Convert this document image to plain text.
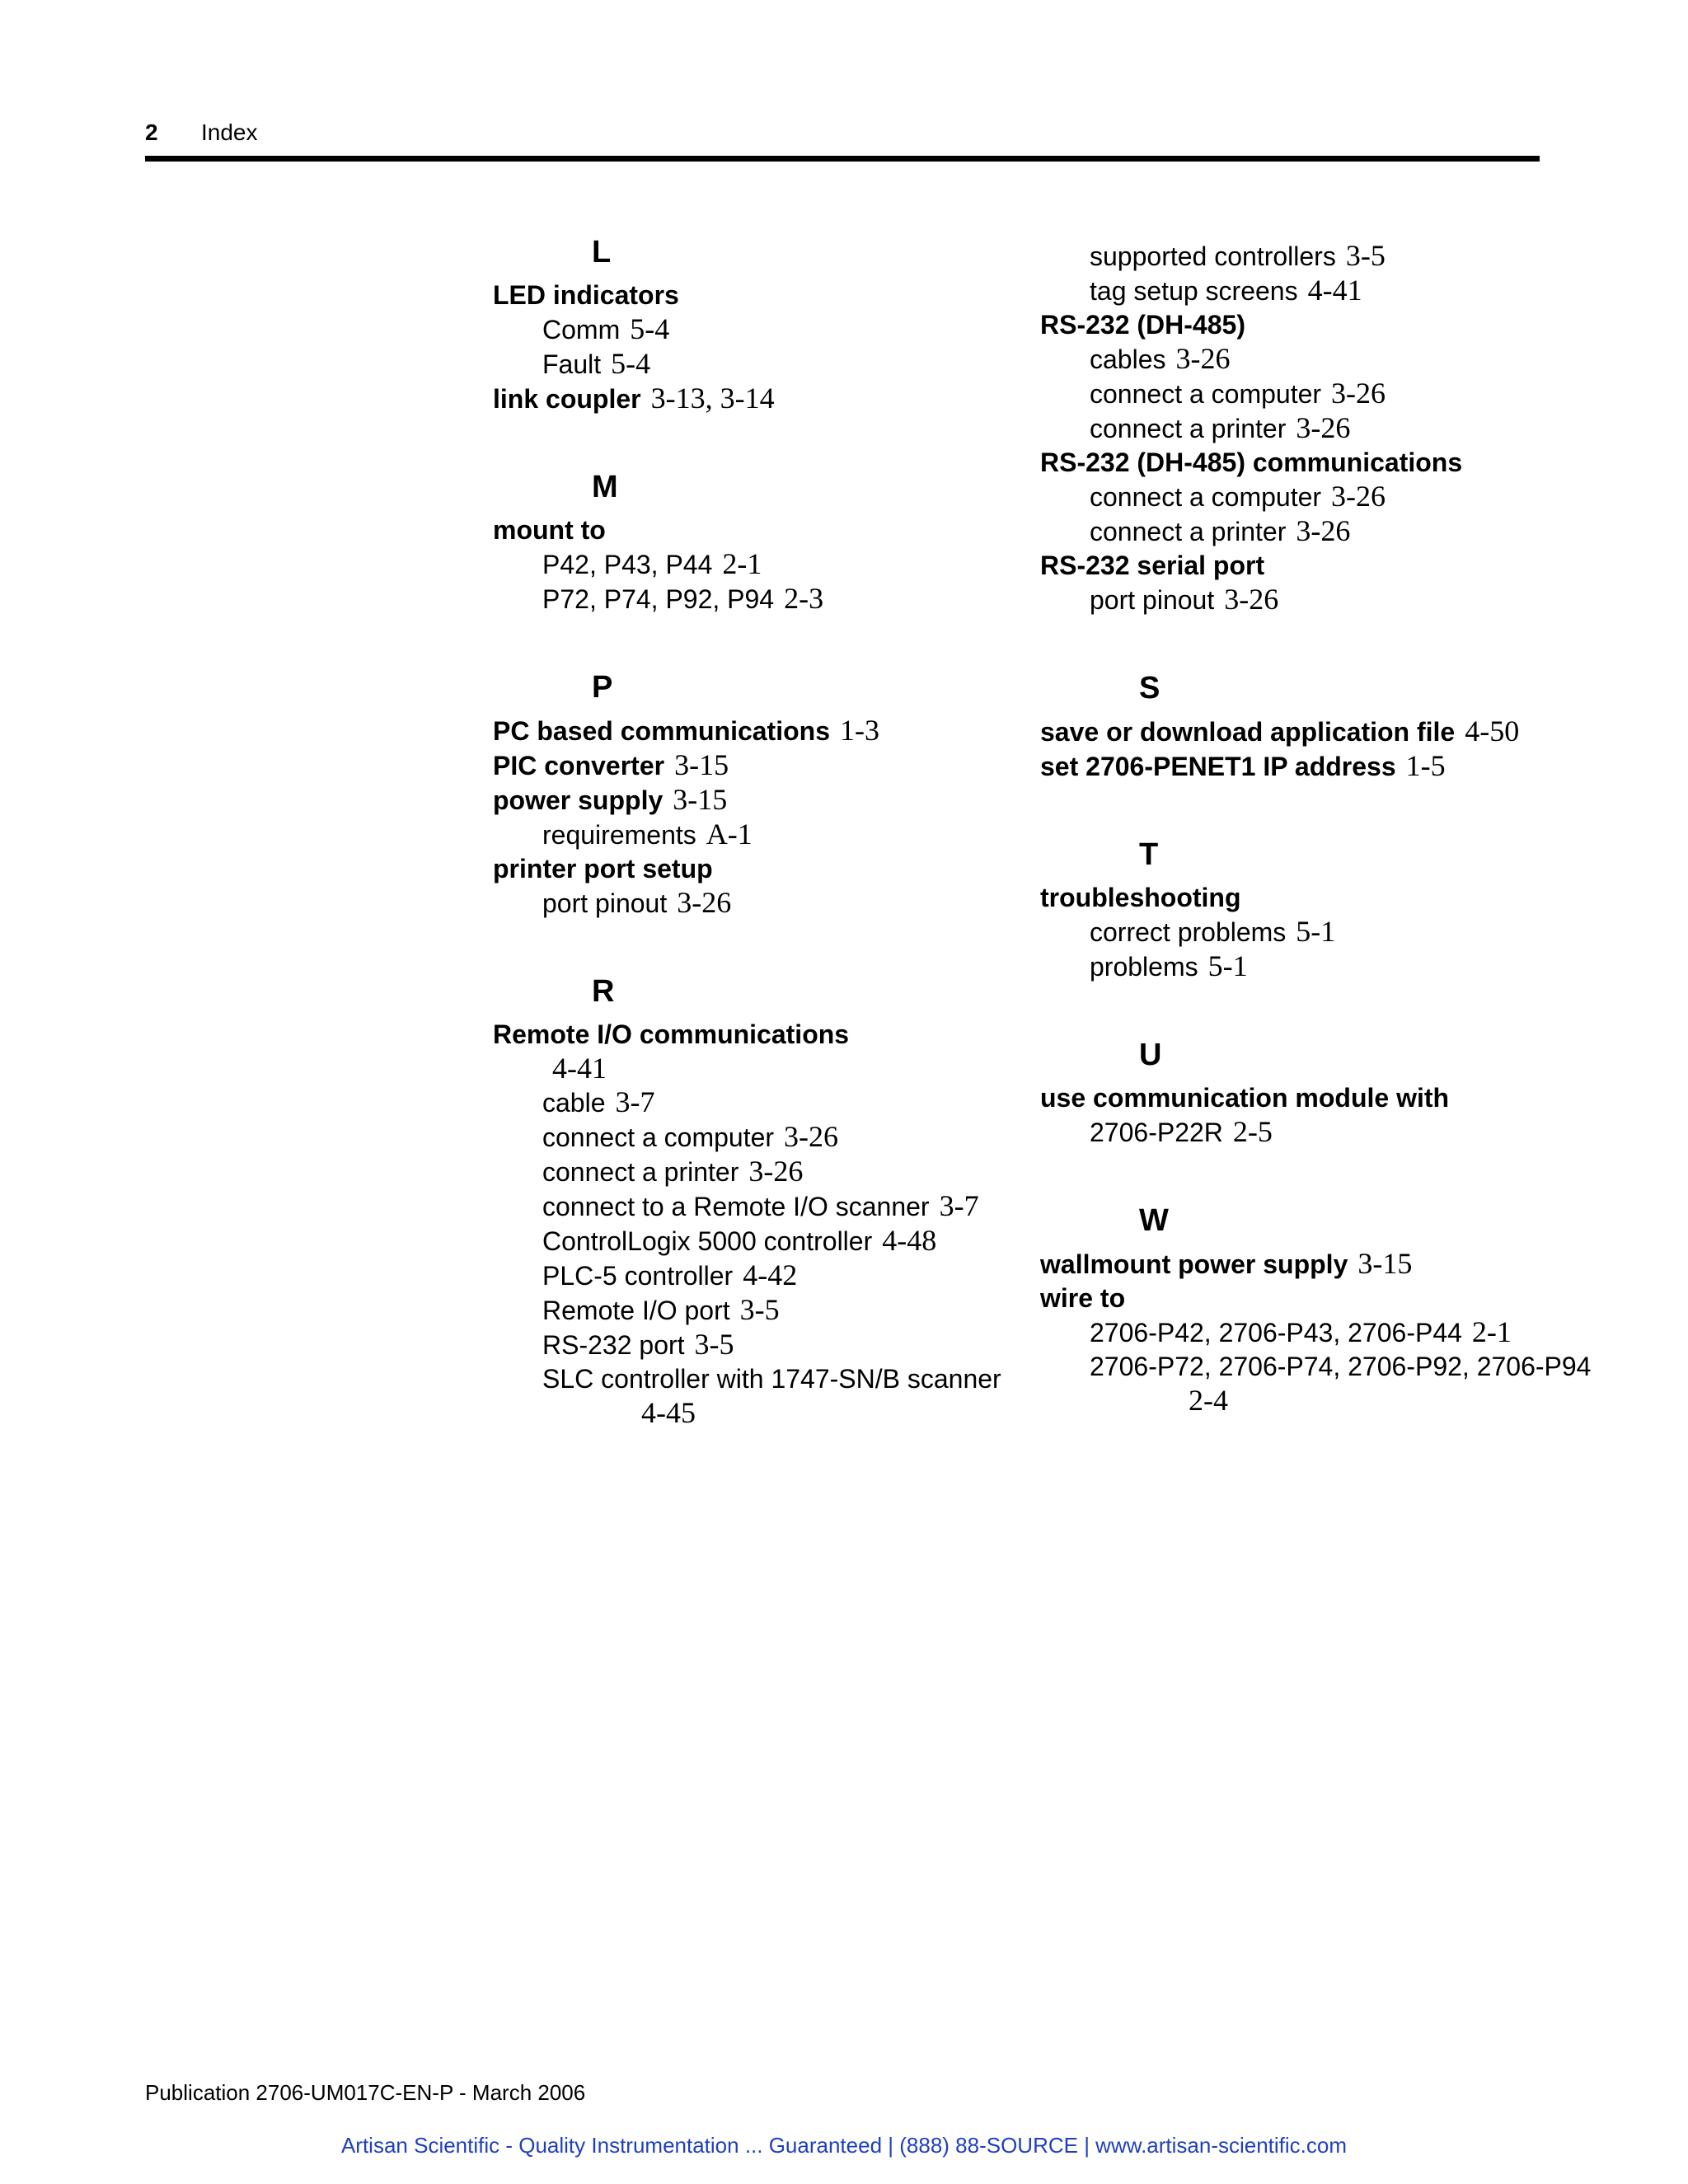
2 Index
L
LED indicators
Comm 5-4
Fault 5-4
link coupler 3-13, 3-14
M
mount to
P42, P43, P44 2-1
P72, P74, P92, P94 2-3
P
PC based communications 1-3
PIC converter 3-15
power supply 3-15
requirements A-1
printer port setup
port pinout 3-26
R
Remote I/O communications
4-41
cable 3-7
connect a computer 3-26
connect a printer 3-26
connect to a Remote I/O scanner 3-7
ControlLogix 5000 controller 4-48
PLC-5 controller 4-42
Remote I/O port 3-5
RS-232 port 3-5
SLC controller with 1747-SN/B scanner
4-45
supported controllers 3-5
tag setup screens 4-41
RS-232 (DH-485)
cables 3-26
connect a computer 3-26
connect a printer 3-26
RS-232 (DH-485) communications
connect a computer 3-26
connect a printer 3-26
RS-232 serial port
port pinout 3-26
S
save or download application file 4-50
set 2706-PENET1 IP address 1-5
T
troubleshooting
correct problems 5-1
problems 5-1
U
use communication module with
2706-P22R 2-5
W
wallmount power supply 3-15
wire to
2706-P42, 2706-P43, 2706-P44 2-1
2706-P72, 2706-P74, 2706-P92, 2706-P94
2-4
Publication 2706-UM017C-EN-P - March 2006
Artisan Scientific - Quality Instrumentation ... Guaranteed | (888) 88-SOURCE | www.artisan-scientific.com
